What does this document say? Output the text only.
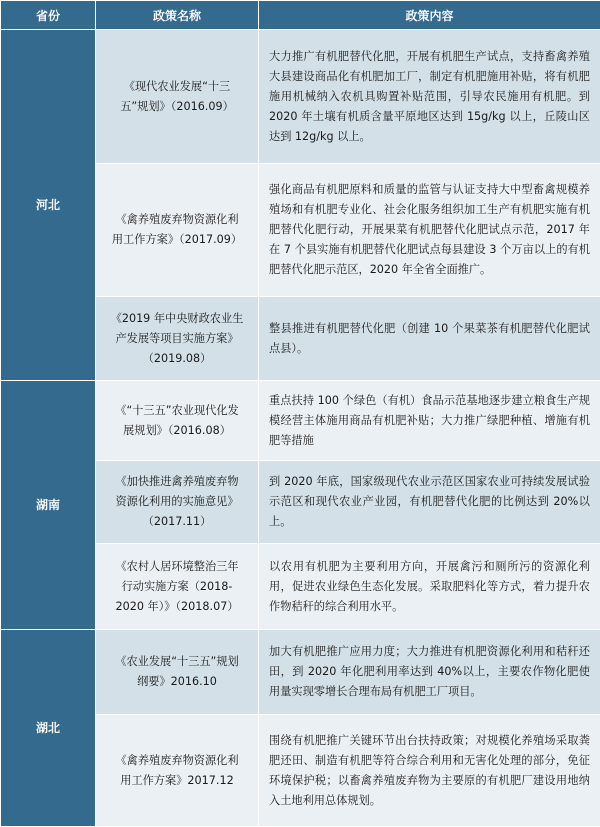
省份	政策名称	政策内容
河北	《现代农业发展“十三五”规划》（2016.09）	大力推广有机肥替代化肥，开展有机肥生产试点，支持畜禽养殖大县建设商品化有机肥加工厂，制定有机肥施用补贴，将有机肥施用机械纳入农机具购置补贴范围，引导农民施用有机肥。到 2020 年土壤有机质含量平原地区达到 15g/kg 以上，丘陵山区达到 12g/kg 以上。
	《禽养殖废弃物资源化利用工作方案》（2017.09）	强化商品有机肥原料和质量的监管与认证支持大中型畜禽规模养殖场和有机肥专业化、社会化服务组织加工生产有机肥实施有机肥替代化肥行动，开展果菜有机肥替代化肥试点示范，2017 年在 7 个县实施有机肥替代化肥试点每县建设 3 个万亩以上的有机肥替代化肥示范区，2020 年全省全面推广。
	《2019 年中央财政农业生产发展等项目实施方案》（2019.08）	整县推进有机肥替代化肥（创建 10 个果菜茶有机肥替代化肥试点县）。
湖南	《“十三五”农业现代化发展规划》（2016.08）	重点扶持 100 个绿色（有机）食品示范基地逐步建立粮食生产规模经营主体施用商品有机肥补贴；大力推广绿肥种植、增施有机肥等措施
	《加快推进禽养殖废弃物资源化利用的实施意见》（2017.11）	到 2020 年底，国家级现代农业示范区国家农业可持续发展试验示范区和现代农业产业园，有机肥替代化肥的比例达到 20%以上。
	《农村人居环境整治三年行动实施方案（2018-2020 年）》（2018.07）	以农用有机肥为主要利用方向，开展禽污和厕所污的资源化利用，促进农业绿色生态化发展。采取肥料化等方式，着力提升农作物秸秆的综合利用水平。
湖北	《农业发展“十三五”规划纲要》2016.10	加大有机肥推广应用力度；大力推进有机肥资源化利用和秸秆还田，到 2020 年化肥利用率达到 40%以上，主要农作物化肥使用量实现零增长合理布局有机肥工厂项目。
	《禽养殖废弃物资源化利用工作方案》2017.12	围绕有机肥推广关键环节出台扶持政策；对规模化养殖场采取粪肥还田、制造有机肥等符合综合利用和无害化处理的部分，免征环境保护税；以畜禽养殖废弃物为主要原的有机肥厂建设用地纳入土地利用总体规划。
